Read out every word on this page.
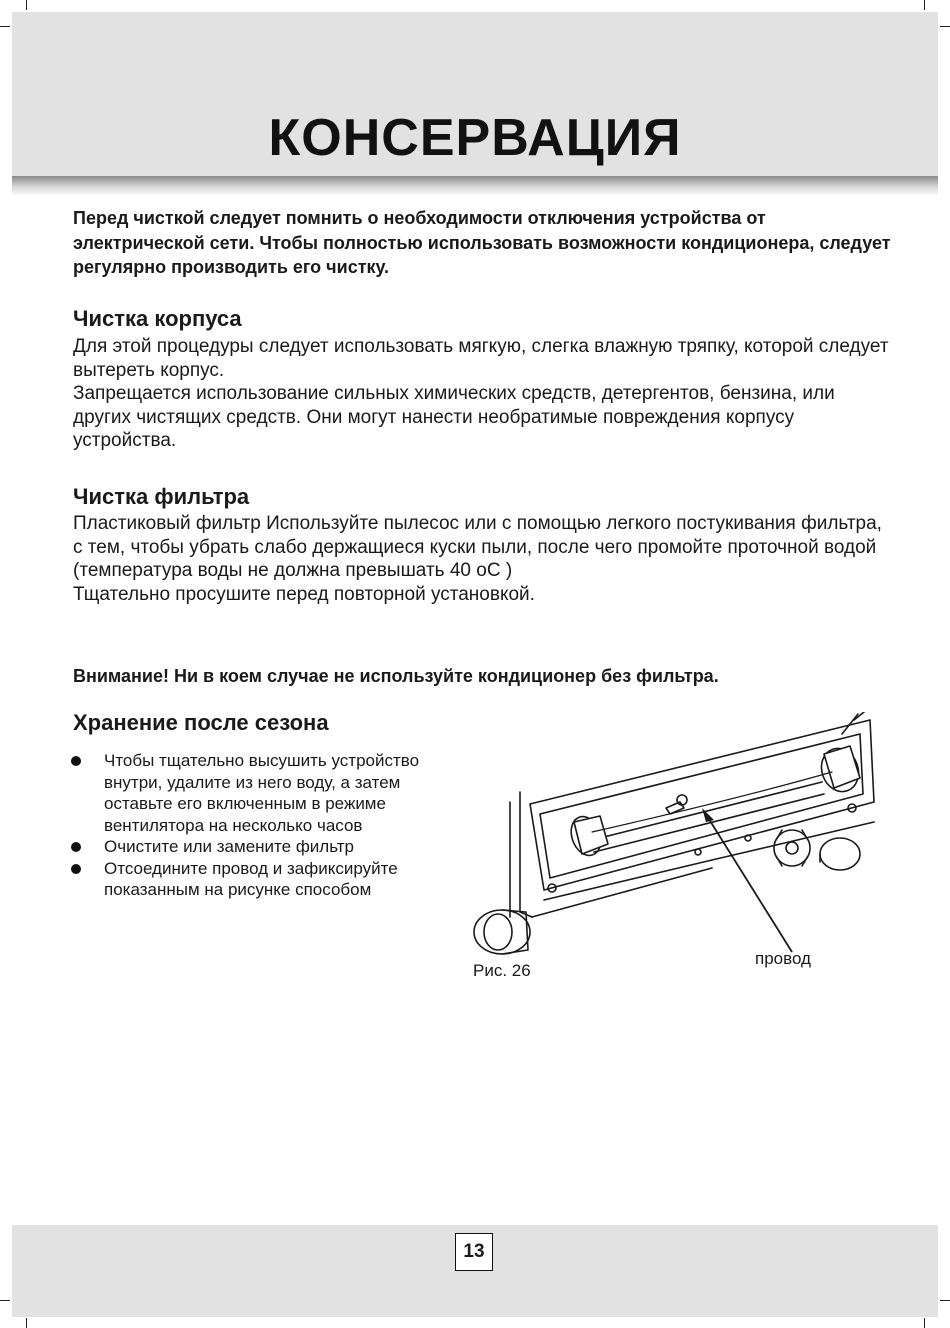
КОНСЕРВАЦИЯ

Перед чисткой следует помнить о необходимости отключения устройства от электрической сети. Чтобы полностью использовать возможности кондиционера, следует регулярно производить его чистку.

Чистка корпуса

Для этой процедуры следует использовать мягкую, слегка влажную тряпку, которой следует вытереть корпус.

Запрещается использование сильных химических средств, детергентов, бензина, или других чистящих средств. Они могут нанести необратимые повреждения корпусу устройства.

Чистка фильтра

Пластиковый фильтр Используйте пылесос или с помощью легкого постукивания фильтра, с тем, чтобы убрать слабо держащиеся куски пыли, после чего промойте проточной водой (температура воды не должна превышать 40 oC )

Тщательно просушите перед повторной установкой.

Внимание! Ни в коем случае не используйте кондиционер без фильтра.

Хранение после сезона
Чтобы тщательно высушить устройство внутри, удалите из него воду, а затем оставьте его включенным в режиме вентилятора на несколько часов
Очистите или замените фильтр
Отсоедините провод и зафиксируйте показанным на рисунке способом

Рис. 26

провод

13
